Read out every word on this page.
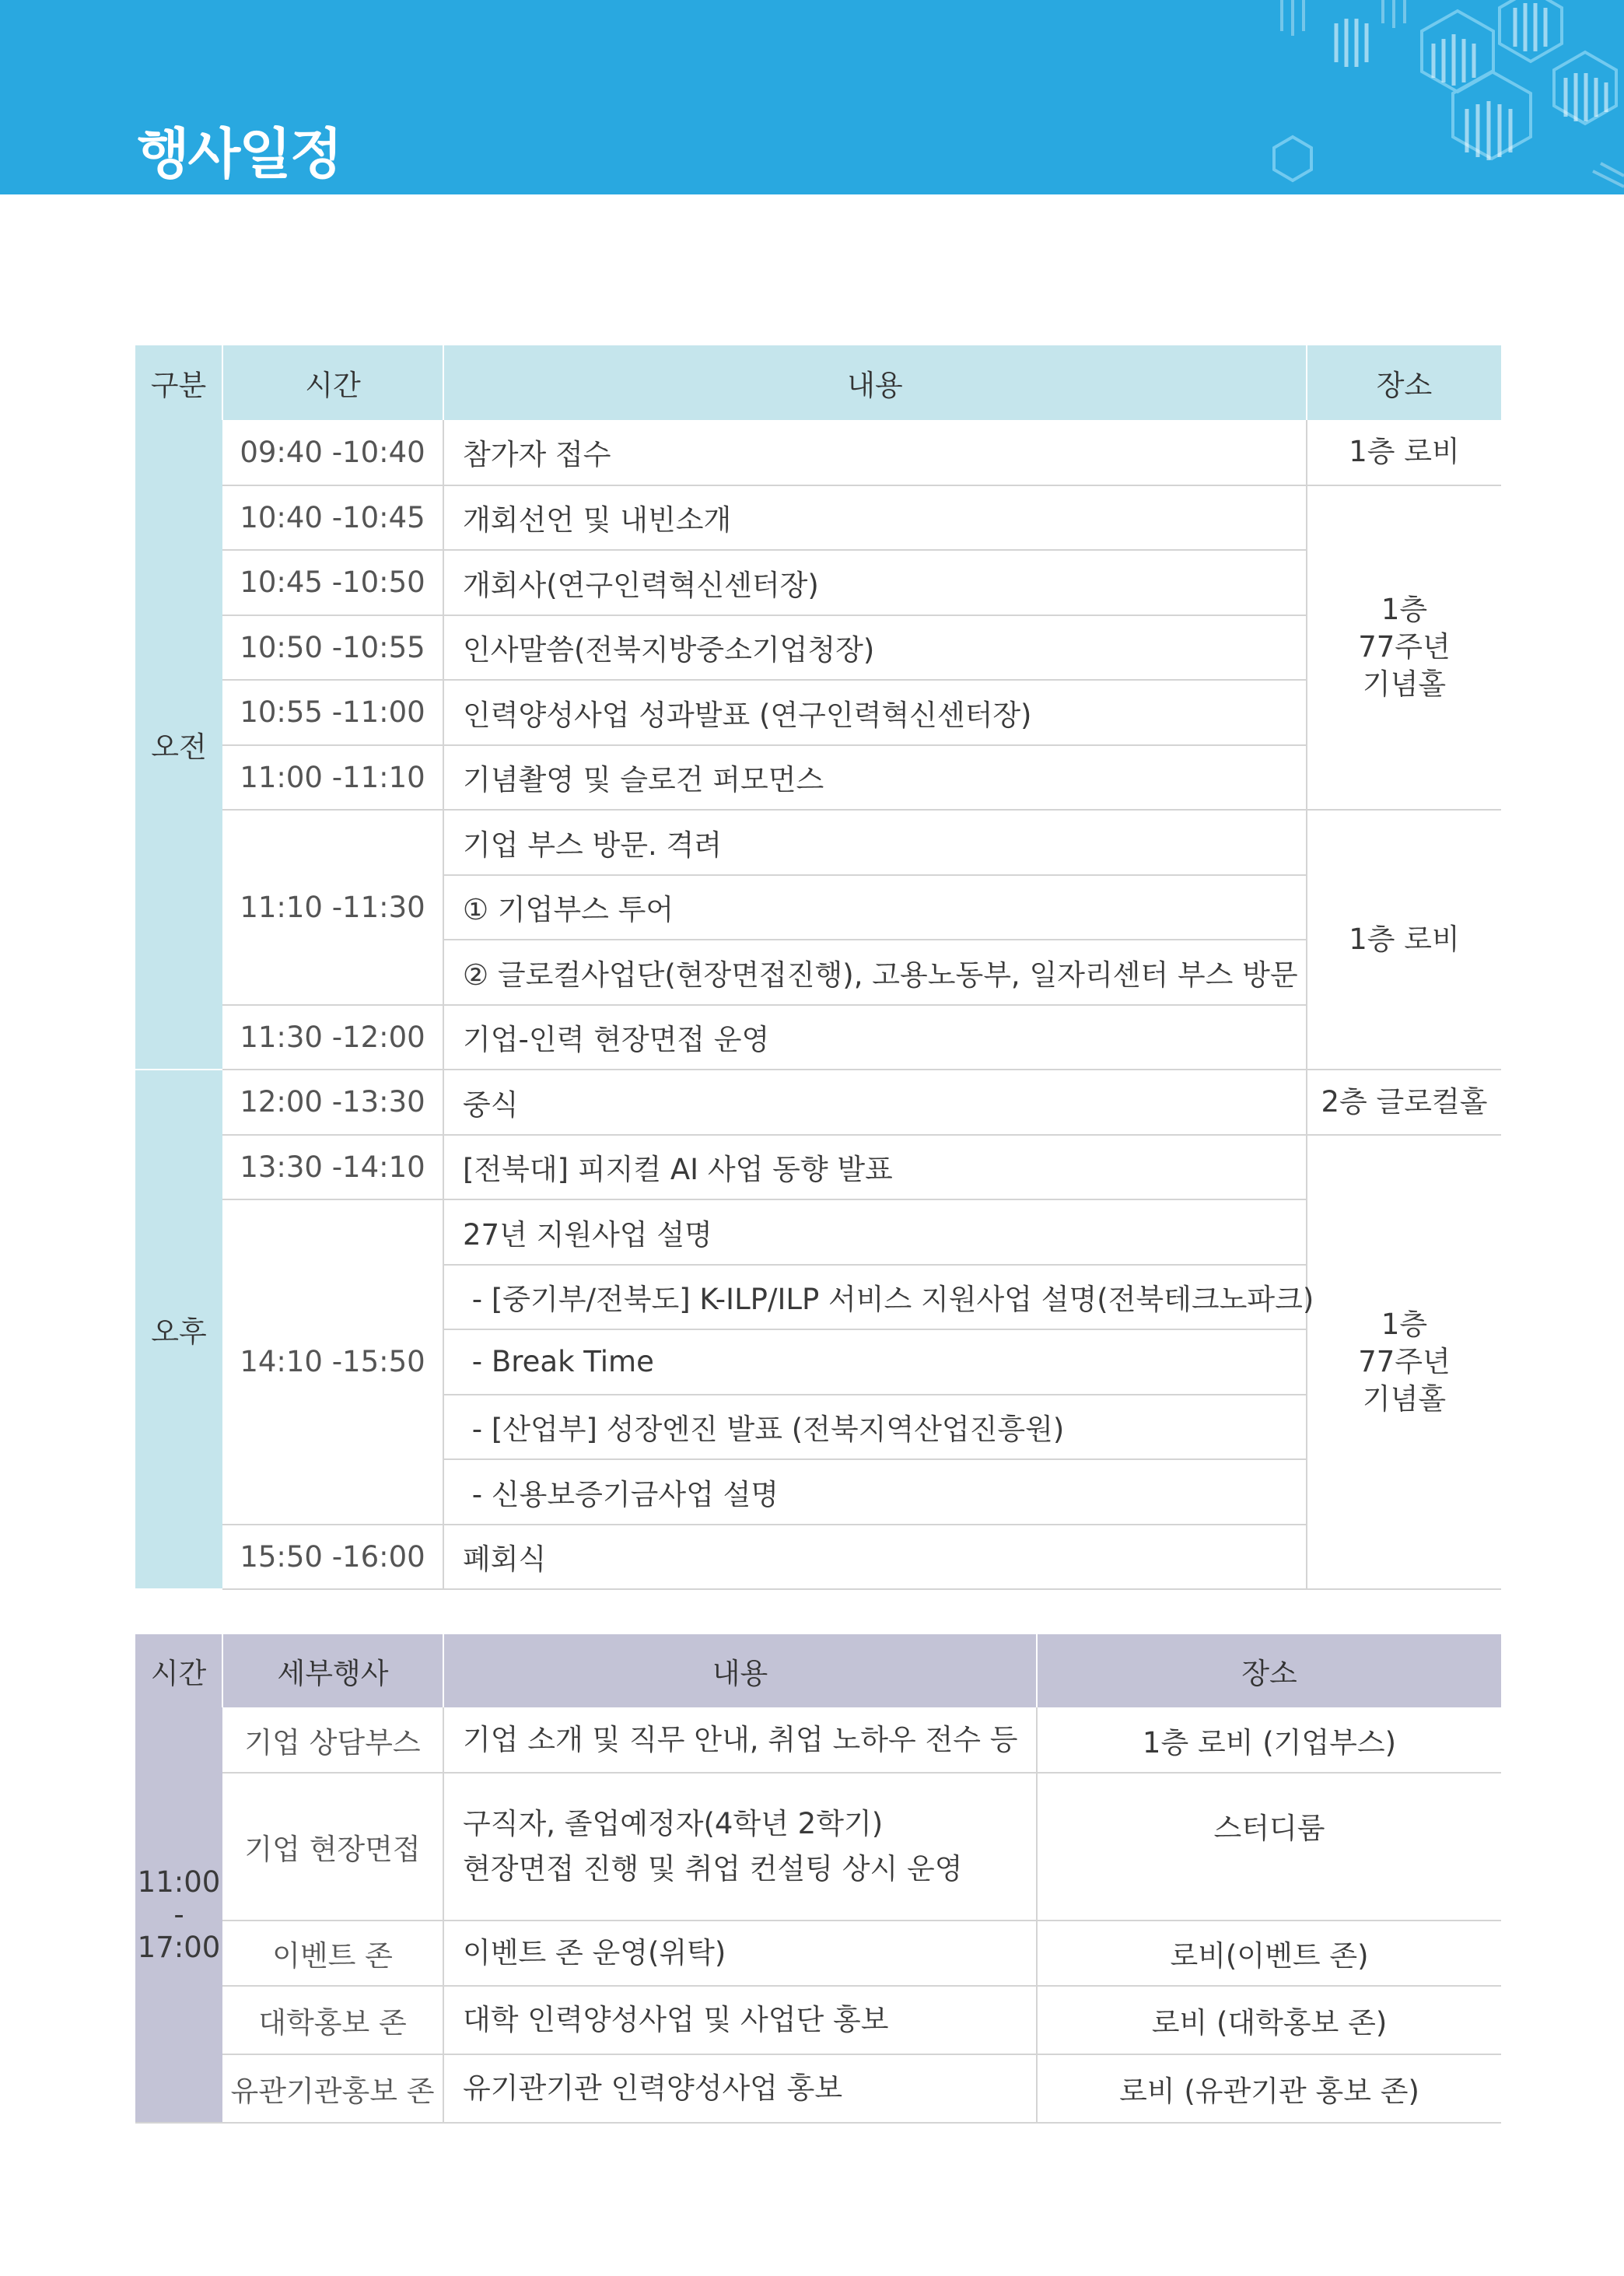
행사일정
구분	시간	내용	장소
오전	09:40 -10:40	참가자 접수	1층 로비
	10:40 -10:45	개회선언 및 내빈소개	1층
77주년
기념홀

	10:45 -10:50	개회사(연구인력혁신센터장)	
	10:50 -10:55	인사말씀(전북지방중소기업청장)	
	10:55 -11:00	인력양성사업 성과발표 (연구인력혁신센터장)	
	11:00 -11:10	기념촬영 및 슬로건 퍼모먼스	
	11:10 -11:30	기업 부스 방문. 격려	1층 로비
		① 기업부스 투어	
		② 글로컬사업단(현장면접진행), 고용노동부, 일자리센터 부스 방문	
	11:30 -12:00	기업-인력 현장면접 운영	
오후	12:00 -13:30	중식	2층 글로컬홀
	13:30 -14:10	[전북대] 피지컬 AI 사업 동향 발표	1층
77주년
기념홀

	14:10 -15:50	27년 지원사업 설명	
		- [중기부/전북도] K-ILP/ILP 서비스 지원사업 설명(전북테크노파크)	
		- Break Time	
		- [산업부] 성장엔진 발표 (전북지역산업진흥원)	
		- 신용보증기금사업 설명	
	15:50 -16:00	폐회식	
시간	세부행사	내용	장소

11:00
-
17:00	기업 상담부스	기업 소개 및 직무 안내, 취업 노하우 전수 등	1층 로비 (기업부스)
	기업 현장면접	구직자, 졸업예정자(4학년 2학기)
현장면접 진행 및 취업 컨설팅 상시 운영	스터디룸
	이벤트 존	이벤트 존 운영(위탁)	로비(이벤트 존)
	대학홍보 존	대학 인력양성사업 및 사업단 홍보	로비 (대학홍보 존)
	유관기관홍보 존	유기관기관 인력양성사업 홍보	로비 (유관기관 홍보 존)
